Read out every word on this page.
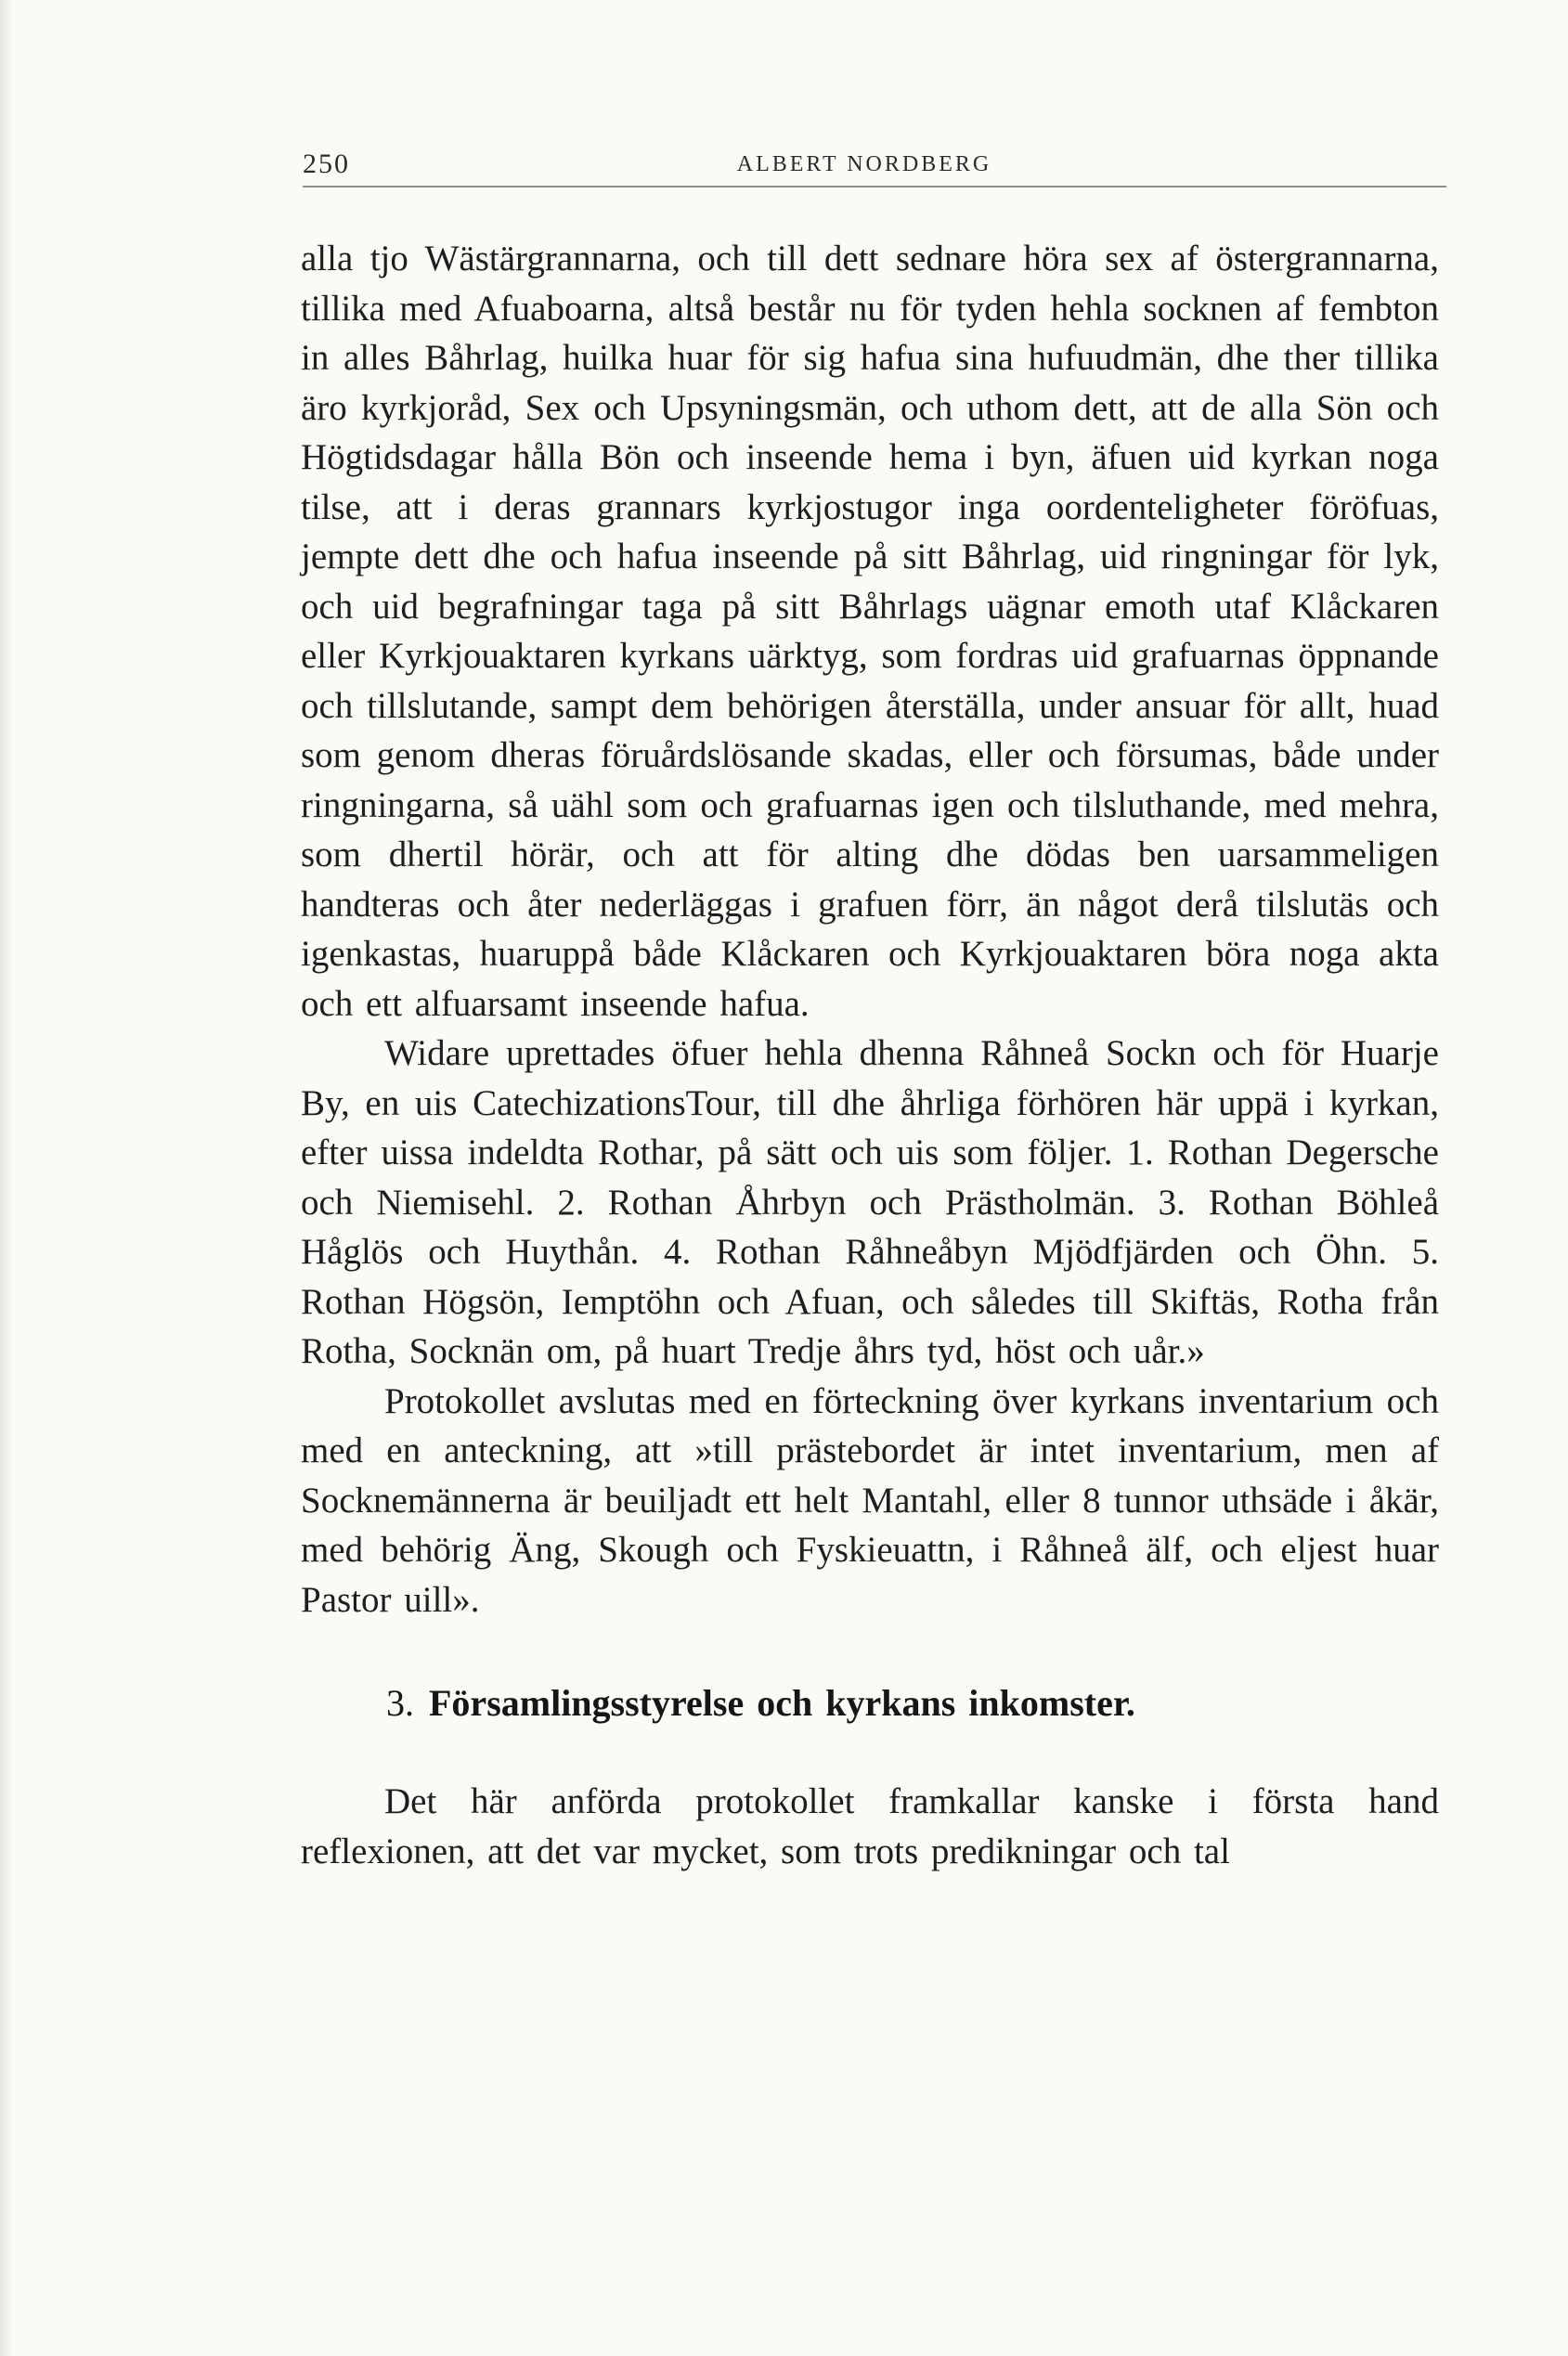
250	ALBERT NORDBERG

alla tjo Wästärgrannarna, och till dett sednare höra sex af östergrannarna, tillika med Afuaboarna, altså består nu för tyden hehla socknen af fembton in alles Båhrlag, huilka huar för sig hafua sina hufuudmän, dhe ther tillika äro kyrkjoråd, Sex och Upsyningsmän, och uthom dett, att de alla Sön och Högtidsdagar hålla Bön och inseende hema i byn, äfuen uid kyrkan noga tilse, att i deras grannars kyrkjostugor inga oordenteligheter föröfuas, jempte dett dhe och hafua inseende på sitt Båhrlag, uid ringningar för lyk, och uid begrafningar taga på sitt Båhrlags uägnar emoth utaf Klåckaren eller Kyrkjouaktaren kyrkans uärktyg, som fordras uid grafuarnas öppnande och tillslutande, sampt dem behörigen återställa, under ansuar för allt, huad som genom dheras föruårdslösande skadas, eller och försumas, både under ringningarna, så uähl som och grafuarnas igen och tilsluthande, med mehra, som dhertil hörär, och att för alting dhe dödas ben uarsammeligen handteras och åter nederläggas i grafuen förr, än något derå tilslutäs och igenkastas, huaruppå både Klåckaren och Kyrkjouaktaren böra noga akta och ett alfuarsamt inseende hafua.

Widare uprettades öfuer hehla dhenna Råhneå Sockn och för Huarje By, en uis CatechizationsTour, till dhe åhrliga förhören här uppä i kyrkan, efter uissa indeldta Rothar, på sätt och uis som följer. 1. Rothan Degersche och Niemisehl. 2. Rothan Åhrbyn och Prästholmän. 3. Rothan Böhleå Håglös och Huythån. 4. Rothan Råhneåbyn Mjödfjärden och Öhn. 5. Rothan Högsön, Iemptöhn och Afuan, och således till Skiftäs, Rotha från Rotha, Socknän om, på huart Tredje åhrs tyd, höst och uår.»

Protokollet avslutas med en förteckning över kyrkans inventarium och med en anteckning, att »till prästebordet är intet inventarium, men af Socknemännerna är beuiljadt ett helt Mantahl, eller 8 tunnor uthsäde i åkär, med behörig Äng, Skough och Fyskieuattn, i Råhneå älf, och eljest huar Pastor uill».

3. Församlingsstyrelse och kyrkans inkomster.

Det här anförda protokollet framkallar kanske i första hand reflexionen, att det var mycket, som trots predikningar och tal
